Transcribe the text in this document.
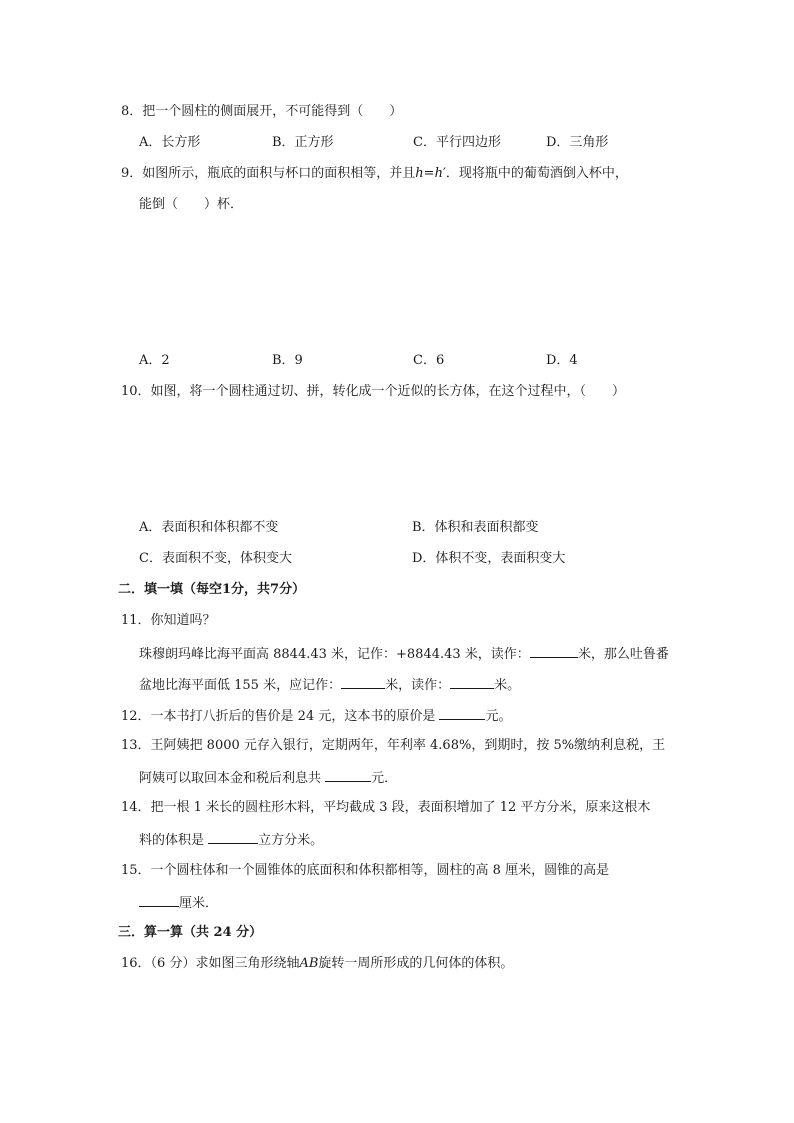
8．把一个圆柱的侧面展开，不可能得到（　　）
A．长方形	B．正方形	C．平行四边形	D．三角形
9．如图所示，瓶底的面积与杯口的面积相等，并且h=h′．现将瓶中的葡萄酒倒入杯中，
能倒（　　）杯．
A．2	B．9	C．6	D．4
10．如图，将一个圆柱通过切、拼，转化成一个近似的长方体，在这个过程中，（　　）
A．表面积和体积都不变	B．体积和表面积都变
C．表面积不变，体积变大	D．体积不变，表面积变大
二．填一填（每空1分，共7分）
11．你知道吗？
珠穆朗玛峰比海平面高 8844.43 米，记作：+8844.43 米，读作：	米，那么吐鲁番
盆地比海平面低 155 米，应记作：	米，读作：	米。
12．一本书打八折后的售价是 24 元，这本书的原价是	元。
13．王阿姨把 8000 元存入银行，定期两年，年利率 4.68%，到期时，按 5%缴纳利息税，王
阿姨可以取回本金和税后利息共	元．
14．把一根 1 米长的圆柱形木料，平均截成 3 段，表面积增加了 12 平方分米，原来这根木
料的体积是	立方分米。
15．一个圆柱体和一个圆锥体的底面积和体积都相等，圆柱的高 8 厘米，圆锥的高是
厘米．
三．算一算（共 24 分）
16．（6 分）求如图三角形绕轴AB旋转一周所形成的几何体的体积。
